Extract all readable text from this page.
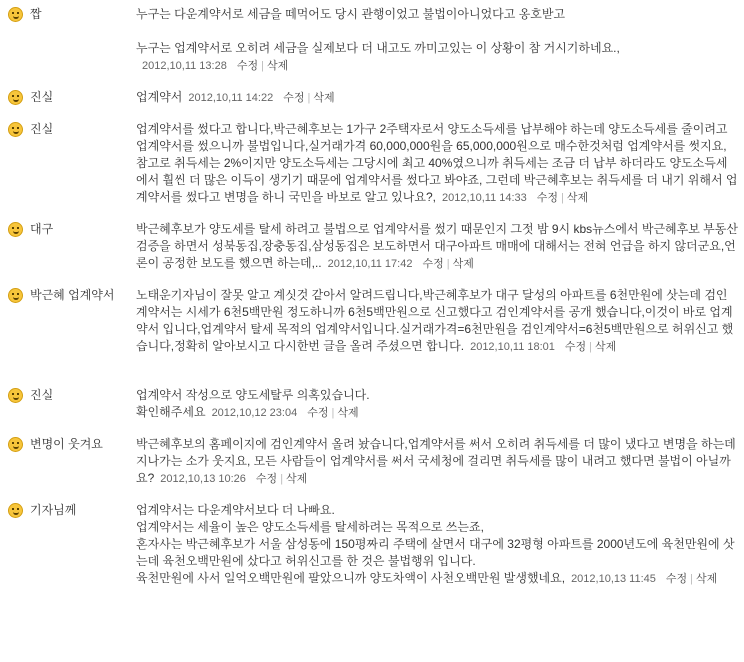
짭	누구는 다운계약서로 세금을 떼먹어도 당시 관행이었고 불법이아니었다고 옹호받고

누구는 업계약서로 오히려 세금을 실제보다 더 내고도 까미고있는 이 상황이 참 거시기하네요.,2012,10,11 13:28 수정 | 삭제

진실	업계약서 2012,10,11 14:22 수정 | 삭제

진실	업계약서를 썼다고 합니다,박근혜후보는 1가구 2주택자로서 양도소득세를 납부해야 하는데 양도소득세를 줄이려고 업계약서를 썼으니까 불법입니다,실거래가격 60,000,000원을 65,000,000원으로 매수한것처럼 업계약서를 썻지요,참고로 취득세는 2%이지만 양도소득세는 그당시에 최고 40%였으니까 취득세는 조금 더 납부 하더라도 양도소득세에서 훨씬 더 많은 이득이 생기기 때문에 업계약서를 썼다고 봐야죠, 그런데 박근혜후보는 취득세를 더 내기 위해서 업계약서를 썼다고 변명을 하니 국민을 바보로 알고 있나요?, 2012,10,11 14:33 수정 | 삭제

대구	박근혜후보가 양도세를 탈세 하려고 불법으로 업계약서를 썼기 때문인지 그젓 밤 9시 kbs뉴스에서 박근혜후보 부동산 검증을 하면서 성북동집,장충동집,삼성동집은 보도하면서 대구아파트 매매에 대해서는 전혀 언급을 하지 않더군요,언론이 공정한 보도를 했으면 하는데,.. 2012,10,11 17:42 수정 | 삭제

박근혜 업계약서	노태운기자님이 잘못 알고 계싯것 같아서 알려드립니다,박근혜후보가 대구 달성의 아파트를 6천만원에 삿는데 검인계약서는 시세가 6천5백만원 정도하니까 6천5백만원으로 신고했다고 검인계약서를 공개 했습니다,이것이 바로 업계약서 입니다,업계약서 탈세 목적의 업계약서입니다.실거래가격=6천만원을 검인계약서=6천5백만원으로 허위신고 했습니다,정확히 알아보시고 다시한번 글을 올려 주셨으면 합니다. 2012,10,11 18:01 수정 | 삭제

진실	업계약서 작성으로 양도세탈루 의혹있습니다.

확인해주세요 2012,10,12 23:04 수정 | 삭제

변명이 웃겨요	박근혜후보의 홈페이지에 검인계약서 올려 놨습니다,업계약서를 써서 오히려 취득세를 더 많이 냈다고 변명을 하는데 지나가는 소가 웃지요, 모든 사람들이 업계약서를 써서 국세청에 걸리면 취득세를 많이 내려고 했다면 불법이 아닐까요? 2012,10,13 10:26 수정 | 삭제

기자님께	업계약서는 다운계약서보다 더 나빠요.

업계약서는 세율이 높은 양도소득세를 탈세하려는 목적으로 쓰는죠,

혼자사는 박근혜후보가 서울 삼성동에 150평짜리 주택에 살면서 대구에 32평형 아파트를 2000년도에 육천만원에 삿는데 육천오백만원에 샀다고 허위신고를 한 것은 불법행위 입니다.

육천만원에 사서 일억오백만원에 팔았으니까 양도차액이 사천오백만원 발생했네요, 2012,10,13 11:45 수정 | 삭제
